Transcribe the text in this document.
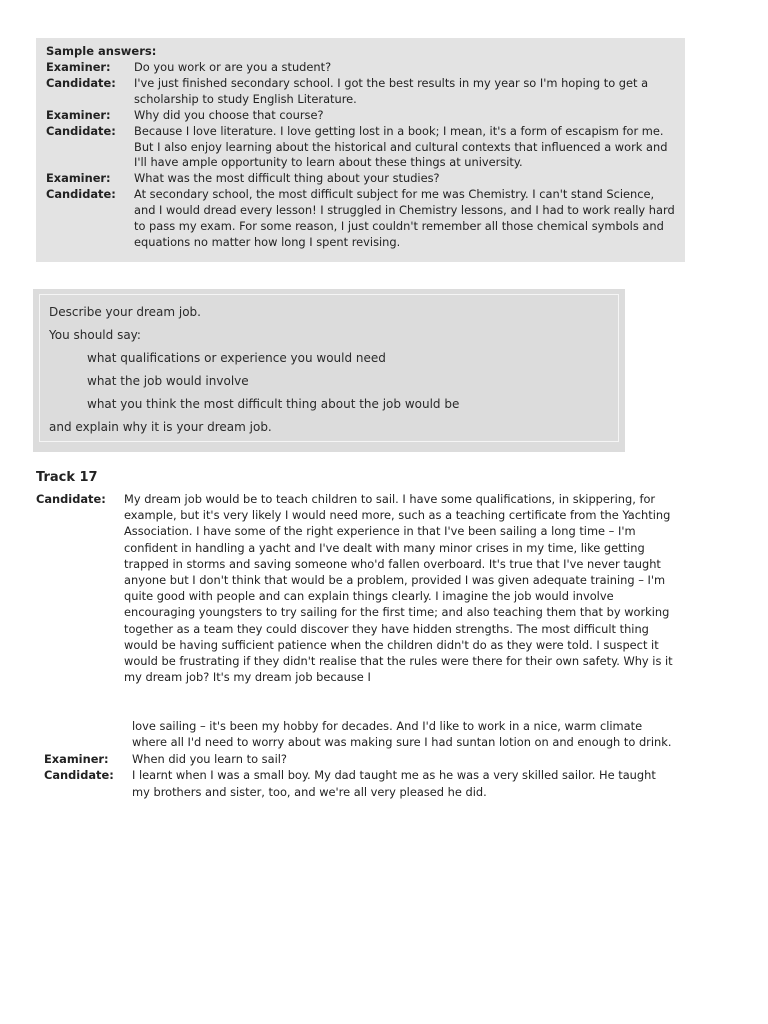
Sample answers:
Examiner:	Do you work or are you a student?
Candidate:	I've just finished secondary school. I got the best results in my year so I'm hoping to get a scholarship to study English Literature.
Examiner:	Why did you choose that course?
Candidate:	Because I love literature. I love getting lost in a book; I mean, it's a form of escapism for me. But I also enjoy learning about the historical and cultural contexts that influenced a work and I'll have ample opportunity to learn about these things at university.
Examiner:	What was the most difficult thing about your studies?
Candidate:	At secondary school, the most difficult subject for me was Chemistry. I can't stand Science, and I would dread every lesson! I struggled in Chemistry lessons, and I had to work really hard to pass my exam. For some reason, I just couldn't remember all those chemical symbols and equations no matter how long I spent revising.
Describe your dream job.
You should say:
what qualifications or experience you would need
what the job would involve
what you think the most difficult thing about the job would be
and explain why it is your dream job.
Track 17
Candidate:	My dream job would be to teach children to sail. I have some qualifications, in skippering, for example, but it's very likely I would need more, such as a teaching certificate from the Yachting Association. I have some of the right experience in that I've been sailing a long time – I'm confident in handling a yacht and I've dealt with many minor crises in my time, like getting trapped in storms and saving someone who'd fallen overboard. It's true that I've never taught anyone but I don't think that would be a problem, provided I was given adequate training – I'm quite good with people and can explain things clearly. I imagine the job would involve encouraging youngsters to try sailing for the first time; and also teaching them that by working together as a team they could discover they have hidden strengths. The most difficult thing would be having sufficient patience when the children didn't do as they were told. I suspect it would be frustrating if they didn't realise that the rules were there for their own safety. Why is it my dream job? It's my dream job because I
love sailing – it's been my hobby for decades. And I'd like to work in a nice, warm climate where all I'd need to worry about was making sure I had suntan lotion on and enough to drink.
Examiner:	When did you learn to sail?
Candidate:	I learnt when I was a small boy. My dad taught me as he was a very skilled sailor. He taught my brothers and sister, too, and we're all very pleased he did.
